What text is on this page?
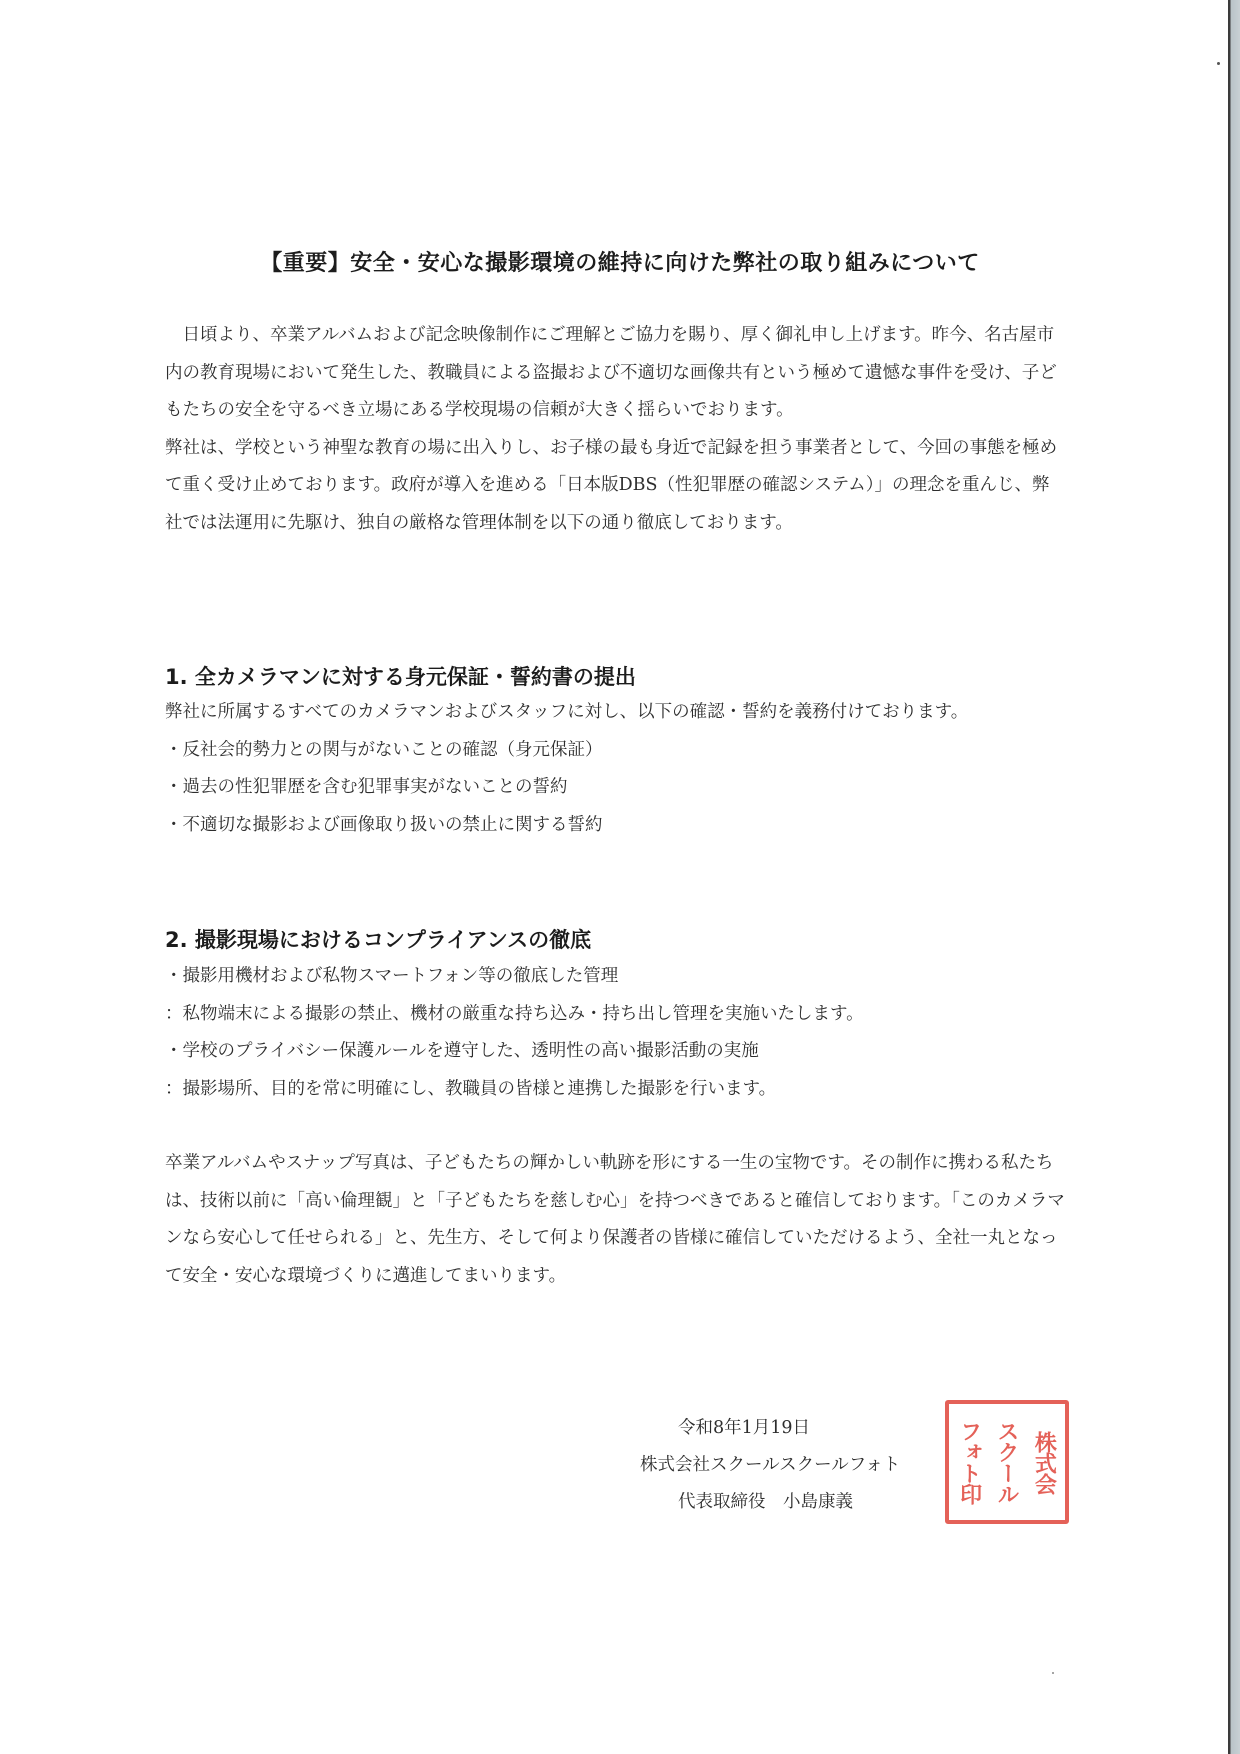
【重要】安全・安心な撮影環境の維持に向けた弊社の取り組みについて

日頃より、卒業アルバムおよび記念映像制作にご理解とご協力を賜り、厚く御礼申し上げます。昨今、名古屋市内の教育現場において発生した、教職員による盗撮および不適切な画像共有という極めて遺憾な事件を受け、子どもたちの安全を守るべき立場にある学校現場の信頼が大きく揺らいでおります。

弊社は、学校という神聖な教育の場に出入りし、お子様の最も身近で記録を担う事業者として、今回の事態を極めて重く受け止めております。政府が導入を進める「日本版DBS（性犯罪歴の確認システム）」の理念を重んじ、弊社では法運用に先駆け、独自の厳格な管理体制を以下の通り徹底しております。

1. 全カメラマンに対する身元保証・誓約書の提出

弊社に所属するすべてのカメラマンおよびスタッフに対し、以下の確認・誓約を義務付けております。

・反社会的勢力との関与がないことの確認（身元保証）
・過去の性犯罪歴を含む犯罪事実がないことの誓約
・不適切な撮影および画像取り扱いの禁止に関する誓約
2. 撮影現場におけるコンプライアンスの徹底
・撮影用機材および私物スマートフォン等の徹底した管理
：私物端末による撮影の禁止、機材の厳重な持ち込み・持ち出し管理を実施いたします。
・学校のプライバシー保護ルールを遵守した、透明性の高い撮影活動の実施
：撮影場所、目的を常に明確にし、教職員の皆様と連携した撮影を行います。

卒業アルバムやスナップ写真は、子どもたちの輝かしい軌跡を形にする一生の宝物です。その制作に携わる私たちは、技術以前に「高い倫理観」と「子どもたちを慈しむ心」を持つべきであると確信しております。「このカメラマンなら安心して任せられる」と、先生方、そして何より保護者の皆様に確信していただけるよう、全社一丸となって安全・安心な環境づくりに邁進してまいります。

令和8年1月19日
株式会社スクールスクールフォト
代表取締役　小島康義
株式会
スクール
フォト印
